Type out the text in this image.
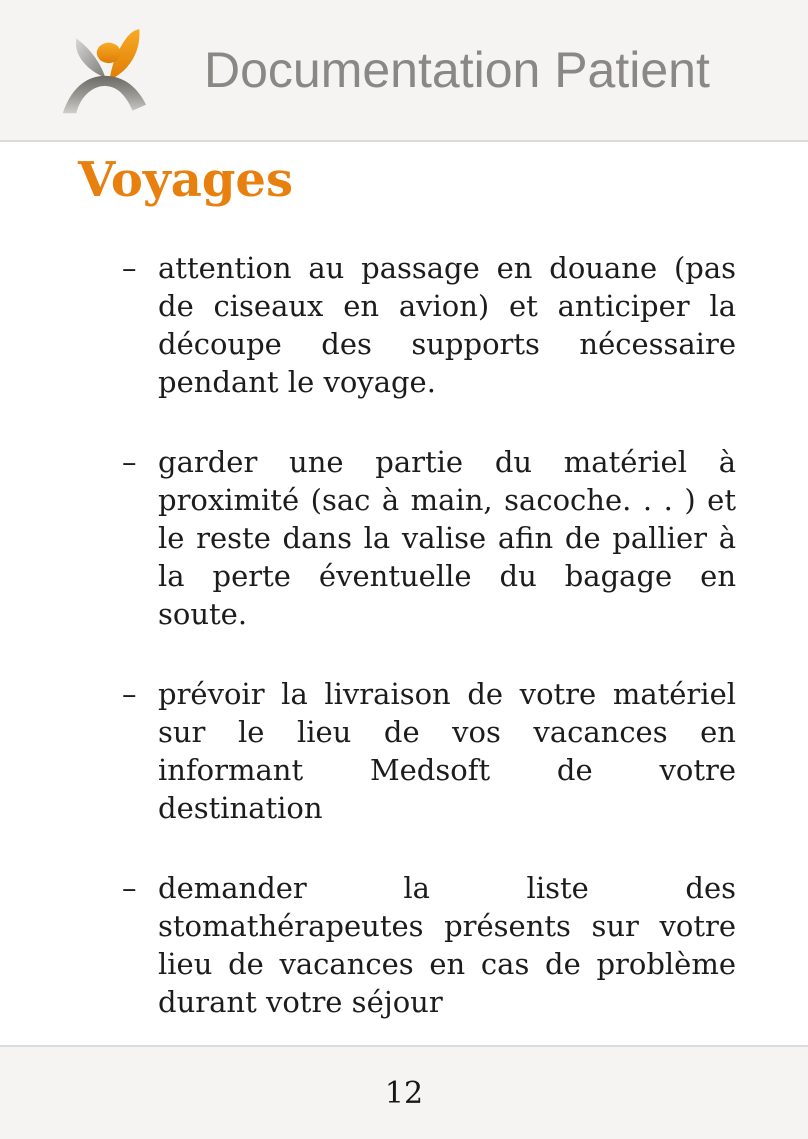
Documentation Patient
Voyages
– attention au passage en douane (pas de ciseaux en avion) et anticiper la découpe des supports nécessaire pendant le voyage.
– garder une partie du matériel à proximité (sac à main, sacoche. . . ) et le reste dans la valise afin de pallier à la perte éventuelle du bagage en soute.
– prévoir la livraison de votre matériel sur le lieu de vos vacances en informant Medsoft de votre destination
– demander la liste des stomathérapeutes présents sur votre lieu de vacances en cas de problème durant votre séjour
12
